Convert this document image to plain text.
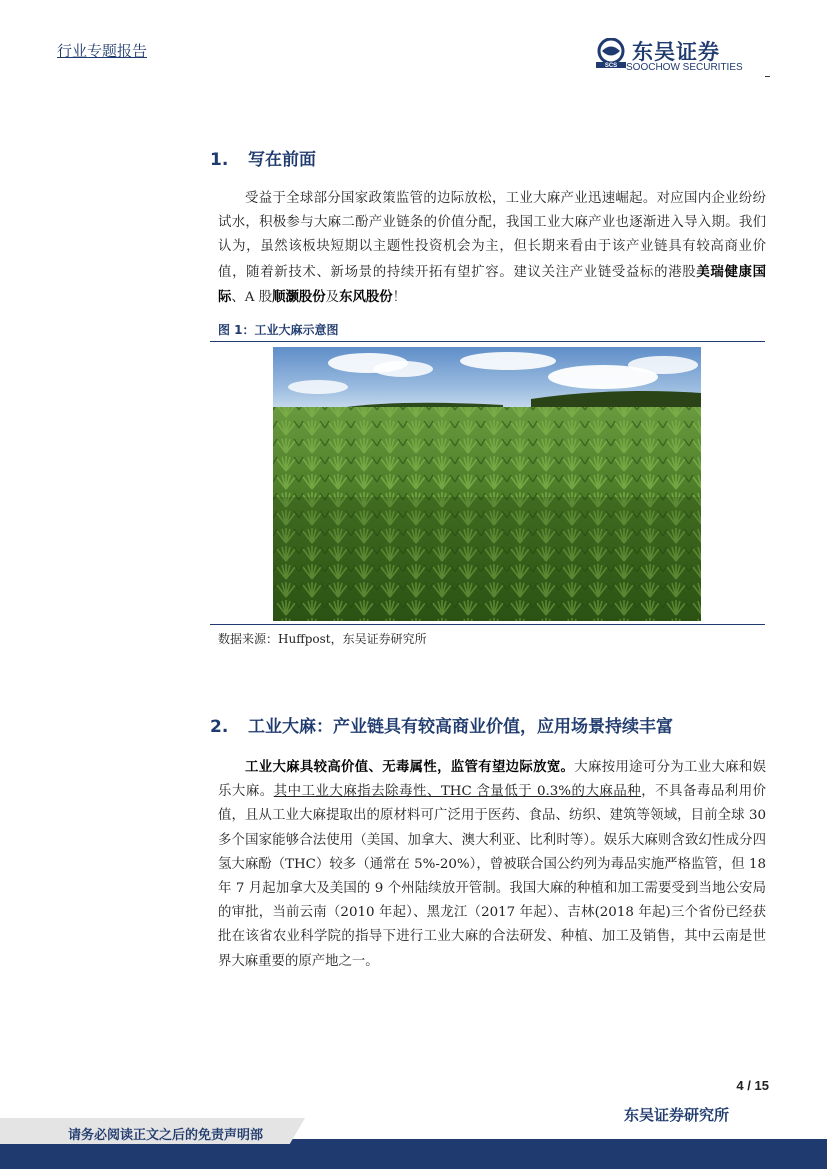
行业专题报告
SCS
东吴证券
SOOCHOW SECURITIES
1. 写在前面

受益于全球部分国家政策监管的边际放松，工业大麻产业迅速崛起。对应国内企业纷纷试水，积极参与大麻二酚产业链条的价值分配，我国工业大麻产业也逐渐进入导入期。我们认为，虽然该板块短期以主题性投资机会为主，但长期来看由于该产业链具有较高商业价值，随着新技术、新场景的持续开拓有望扩容。建议关注产业链受益标的港股美瑞健康国际、A 股顺灏股份及东风股份！

图 1：工业大麻示意图
数据来源：Huffpost，东吴证券研究所
2. 工业大麻：产业链具有较高商业价值，应用场景持续丰富

工业大麻具较高价值、无毒属性，监管有望边际放宽。大麻按用途可分为工业大麻和娱乐大麻。其中工业大麻指去除毒性、THC 含量低于 0.3%的大麻品种，不具备毒品利用价值，且从工业大麻提取出的原材料可广泛用于医药、食品、纺织、建筑等领域，目前全球 30 多个国家能够合法使用（美国、加拿大、澳大利亚、比利时等）。娱乐大麻则含致幻性成分四氢大麻酚（THC）较多（通常在 5%-20%），曾被联合国公约列为毒品实施严格监管，但 18 年 7 月起加拿大及美国的 9 个州陆续放开管制。我国大麻的种植和加工需要受到当地公安局的审批，当前云南（2010 年起）、黑龙江（2017 年起）、吉林(2018 年起)三个省份已经获批在该省农业科学院的指导下进行工业大麻的合法研发、种植、加工及销售，其中云南是世界大麻重要的原产地之一。

4 / 15
东吴证券研究所
请务必阅读正文之后的免责声明部
